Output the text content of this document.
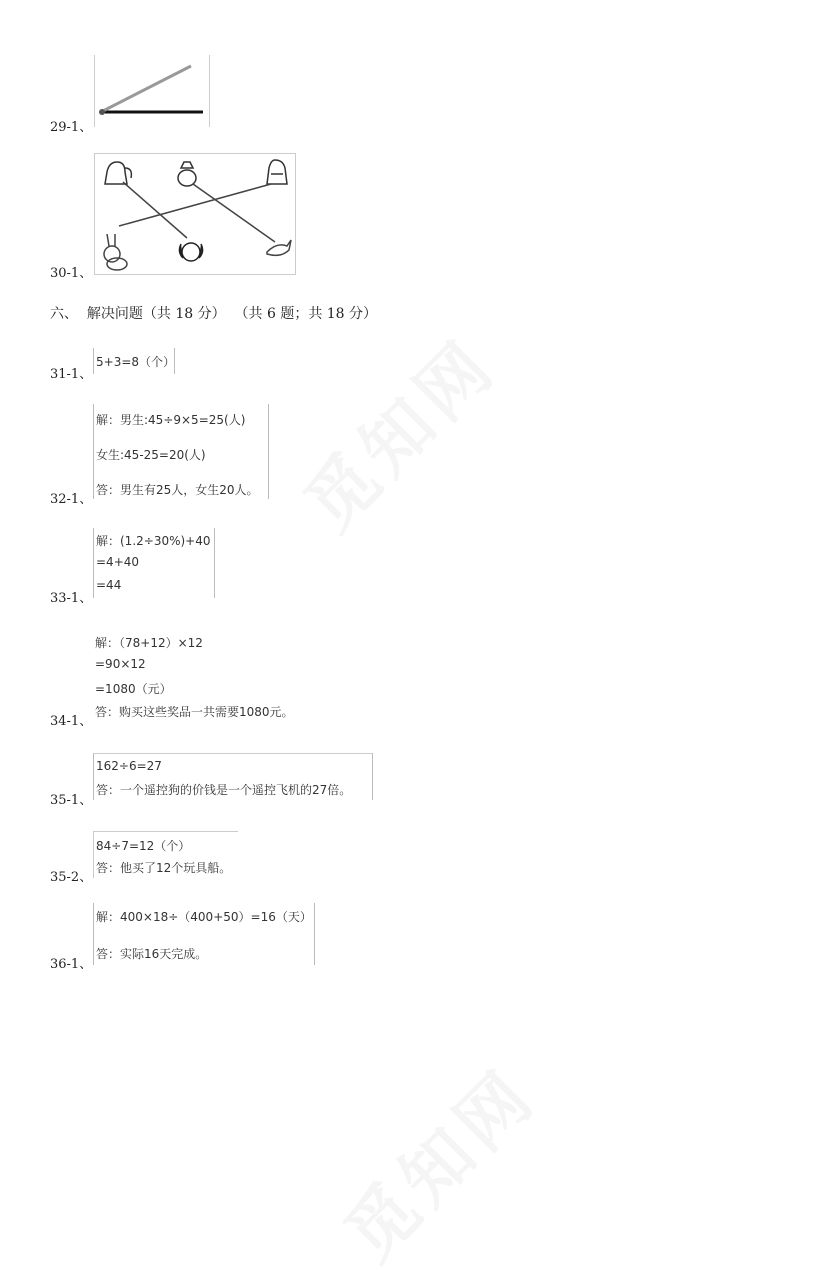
觅知网
觅知网
29-1、
30-1、
六、  解决问题（共 18 分）  （共 6 题；共 18 分）
31-1、
5+3=8（个）
32-1、
解：男生:45÷9×5=25(人)
女生:45-25=20(人)
答：男生有25人，女生20人。
33-1、
解：(1.2÷30%)+40
=4+40
=44
34-1、
解：（78+12）×12
=90×12
=1080（元）
答：购买这些奖品一共需要1080元。
35-1、
162÷6=27
答：一个遥控狗的价钱是一个遥控飞机的27倍。
35-2、
84÷7=12（个）
答：他买了12个玩具船。
36-1、
解：400×18÷（400+50）=16（天）
答：实际16天完成。
